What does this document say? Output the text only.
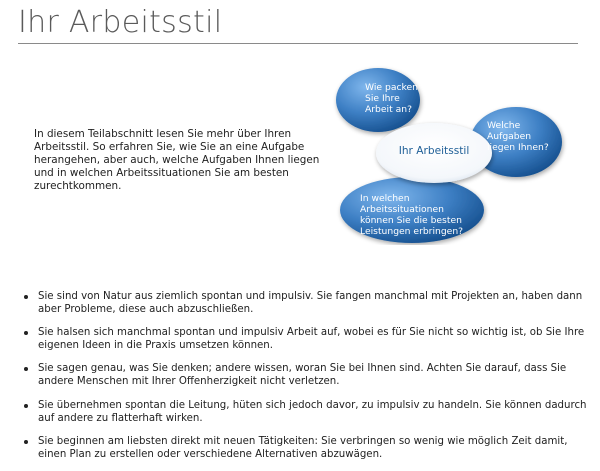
Ihr Arbeitsstil

In diesem Teilabschnitt lesen Sie mehr über Ihren Arbeitsstil. So erfahren Sie, wie Sie an eine Aufgabe herangehen, aber auch, welche Aufgaben Ihnen liegen und in welchen Arbeitssituationen Sie am besten zurechtkommen.

Wie packen Sie Ihre Arbeit an?

Welche Aufgaben liegen Ihnen?

In welchen Arbeitssituationen können Sie die besten Leistungen erbringen?

Ihr Arbeitsstil

Sie sind von Natur aus ziemlich spontan und impulsiv. Sie fangen manchmal mit Projekten an, haben dann aber Probleme, diese auch abzuschließen.
Sie halsen sich manchmal spontan und impulsiv Arbeit auf, wobei es für Sie nicht so wichtig ist, ob Sie Ihre eigenen Ideen in die Praxis umsetzen können.
Sie sagen genau, was Sie denken; andere wissen, woran Sie bei Ihnen sind. Achten Sie darauf, dass Sie andere Menschen mit Ihrer Offenherzigkeit nicht verletzen.
Sie übernehmen spontan die Leitung, hüten sich jedoch davor, zu impulsiv zu handeln. Sie können dadurch auf andere zu flatterhaft wirken.
Sie beginnen am liebsten direkt mit neuen Tätigkeiten: Sie verbringen so wenig wie möglich Zeit damit, einen Plan zu erstellen oder verschiedene Alternativen abzuwägen.
